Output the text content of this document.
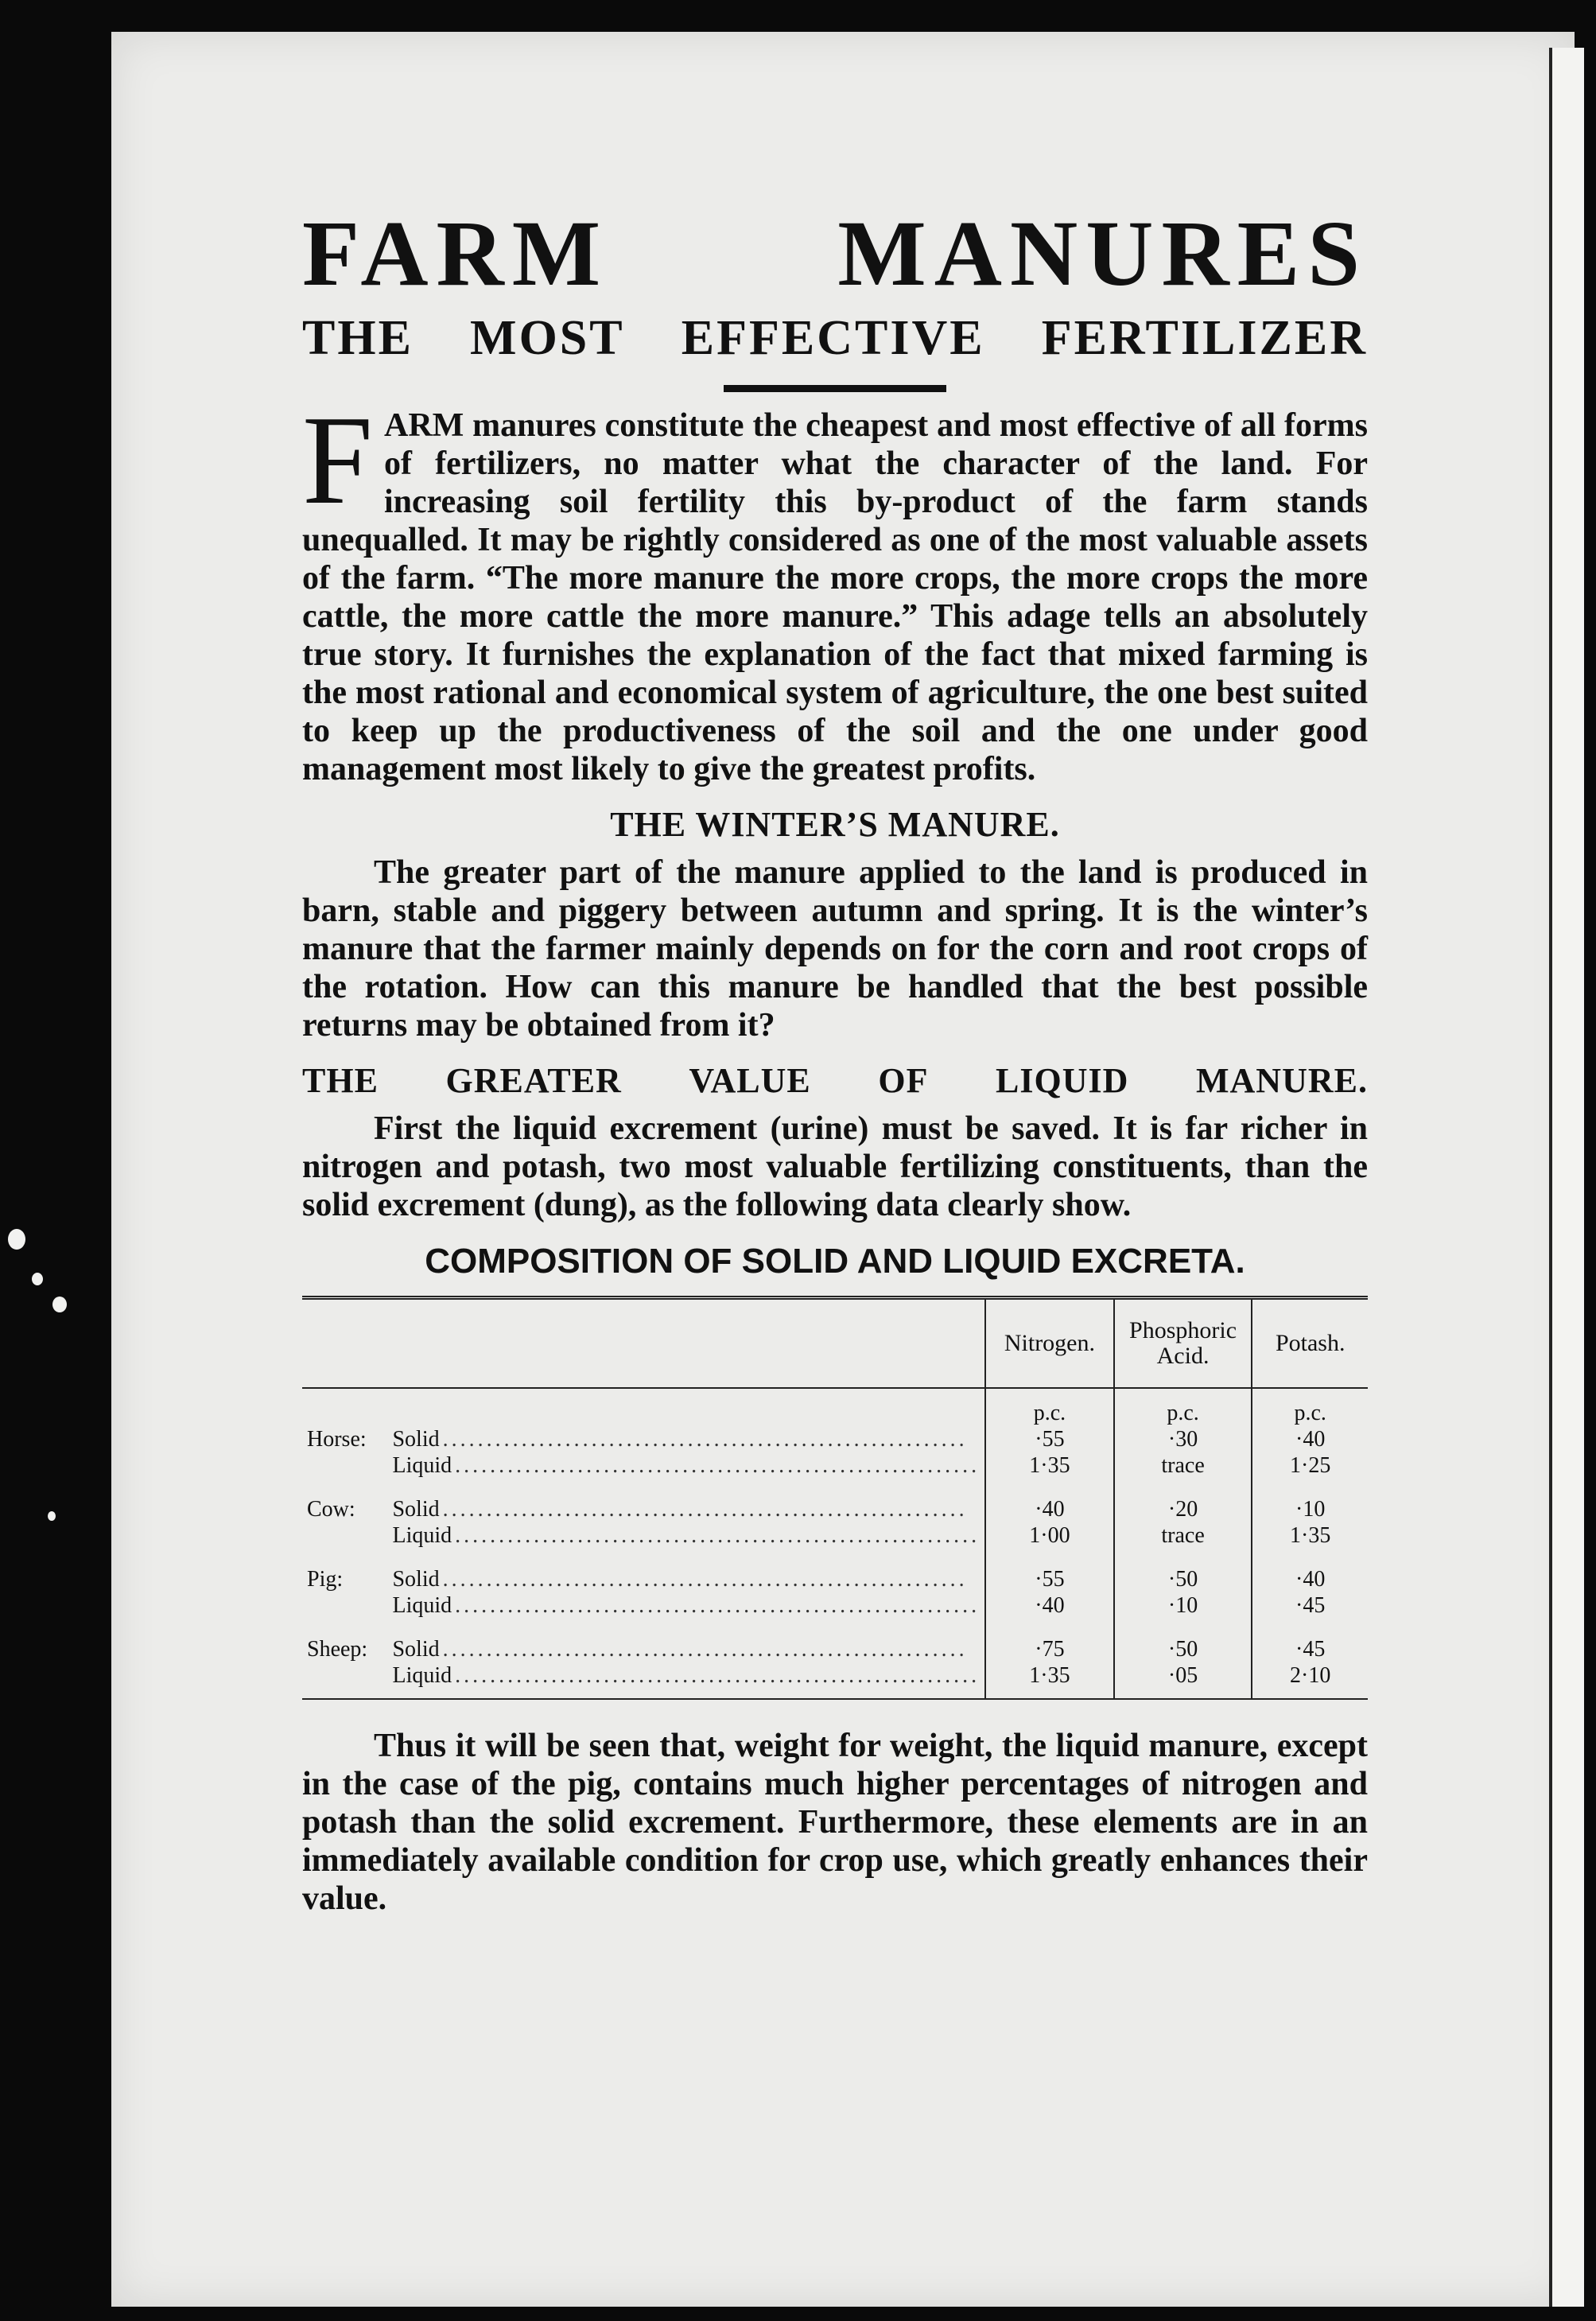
FARM MANURES
THE MOST EFFECTIVE FERTILIZER

FARM manures constitute the cheapest and most effective of all forms of fertilizers, no matter what the character of the land. For increasing soil fertility this by-product of the farm stands unequalled. It may be rightly considered as one of the most valuable assets of the farm. “The more manure the more crops, the more crops the more cattle, the more cattle the more manure.” This adage tells an absolutely true story. It furnishes the explanation of the fact that mixed farming is the most rational and economical system of agriculture, the one best suited to keep up the productiveness of the soil and the one under good management most likely to give the greatest profits.

THE WINTER’S MANURE.

The greater part of the manure applied to the land is produced in barn, stable and piggery between autumn and spring. It is the winter’s manure that the farmer mainly depends on for the corn and root crops of the rotation. How can this manure be handled that the best possible returns may be obtained from it?

THE GREATER VALUE OF LIQUID MANURE.

First the liquid excrement (urine) must be saved. It is far richer in nitrogen and potash, two most valuable fertilizing constituents, than the solid excrement (dung), as the following data clearly show.

COMPOSITION OF SOLID AND LIQUID EXCRETA.
		Nitrogen.	Phosphoric Acid.	Potash.
		p.c.	p.c.	p.c.
Horse:	Solid ............................................................	·55	·30	·40
	Liquid ............................................................	1·35	trace	1·25
Cow:	Solid ............................................................	·40	·20	·10
	Liquid ............................................................	1·00	trace	1·35
Pig:	Solid ............................................................	·55	·50	·40
	Liquid ............................................................	·40	·10	·45
Sheep:	Solid ............................................................	·75	·50	·45
	Liquid ............................................................	1·35	·05	2·10

Thus it will be seen that, weight for weight, the liquid manure, except in the case of the pig, contains much higher percentages of nitrogen and potash than the solid excrement. Furthermore, these elements are in an immediately available condition for crop use, which greatly enhances their value.
